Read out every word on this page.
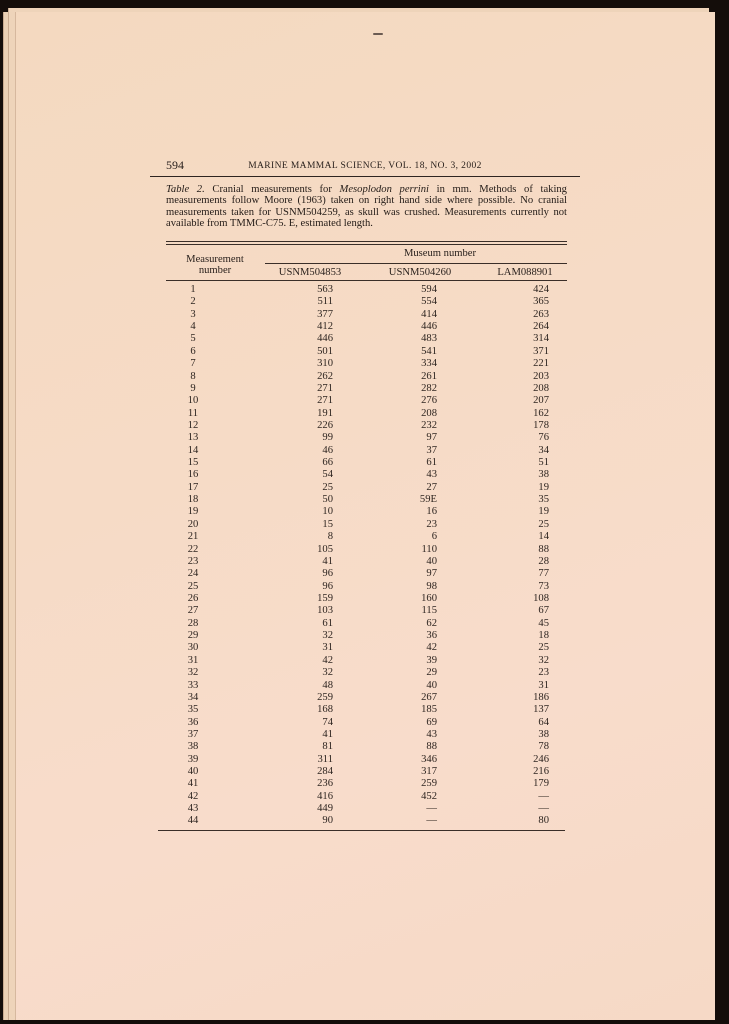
594	MARINE MAMMAL SCIENCE, VOL. 18, NO. 3, 2002
Table 2. Cranial measurements for Mesoplodon perrini in mm. Methods of taking measurements follow Moore (1963) taken on right hand side where possible. No cranial measurements taken for USNM504259, as skull was crushed. Measurements currently not available from TMMC-C75. E, estimated length.
Measurement number
Museum number
USNM504853	USNM504260	LAM088901
1	563	594	424
2	511	554	365
3	377	414	263
4	412	446	264
5	446	483	314
6	501	541	371
7	310	334	221
8	262	261	203
9	271	282	208
10	271	276	207
11	191	208	162
12	226	232	178
13	99	97	76
14	46	37	34
15	66	61	51
16	54	43	38
17	25	27	19
18	50	59E	35
19	10	16	19
20	15	23	25
21	8	6	14
22	105	110	88
23	41	40	28
24	96	97	77
25	96	98	73
26	159	160	108
27	103	115	67
28	61	62	45
29	32	36	18
30	31	42	25
31	42	39	32
32	32	29	23
33	48	40	31
34	259	267	186
35	168	185	137
36	74	69	64
37	41	43	38
38	81	88	78
39	311	346	246
40	284	317	216
41	236	259	179
42	416	452	—
43	449	—	—
44	90	—	80
